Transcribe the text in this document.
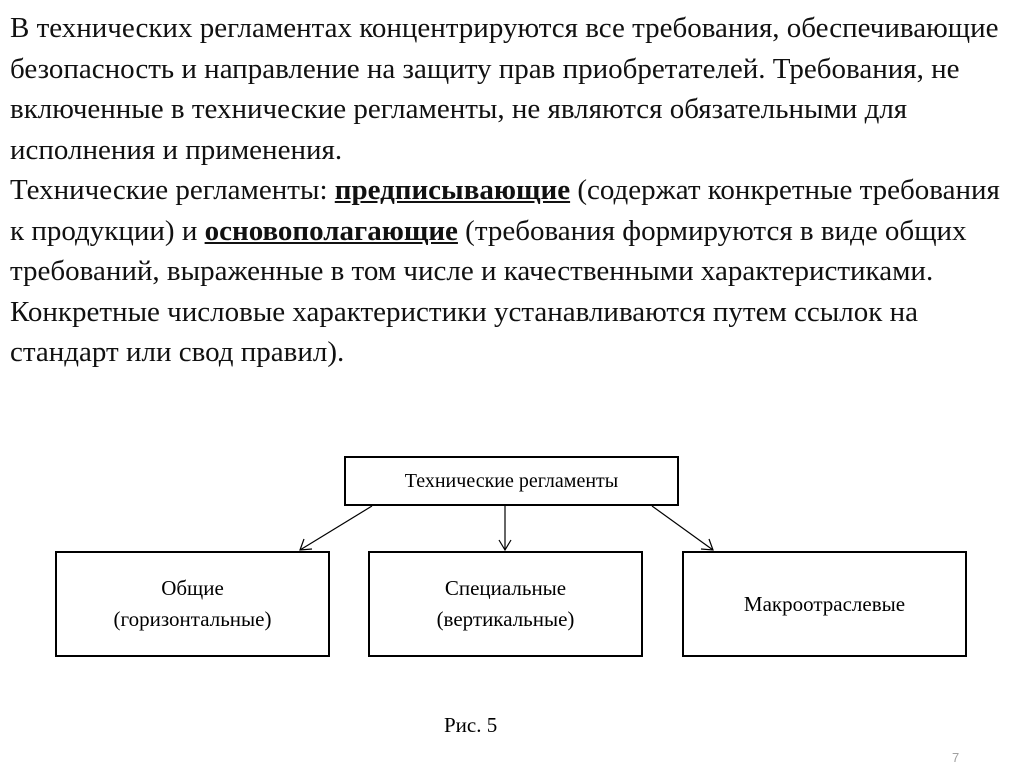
В технических регламентах концентрируются все требования, обеспечивающие безопасность и направление на защиту прав приобретателей. Требования, не включенные в технические регламенты, не являются обязательными для исполнения и применения.

Технические регламенты: предписывающие (содержат конкретные требования к продукции) и основополагающие (требования формируются в виде общих требований, выраженные в том числе и качественными характеристиками. Конкретные числовые характеристики устанавливаются путем ссылок на стандарт или свод правил).

Технические регламенты
Общие
(горизонтальные)
Специальные
(вертикальные)
Макроотраслевые
Рис. 5
7
